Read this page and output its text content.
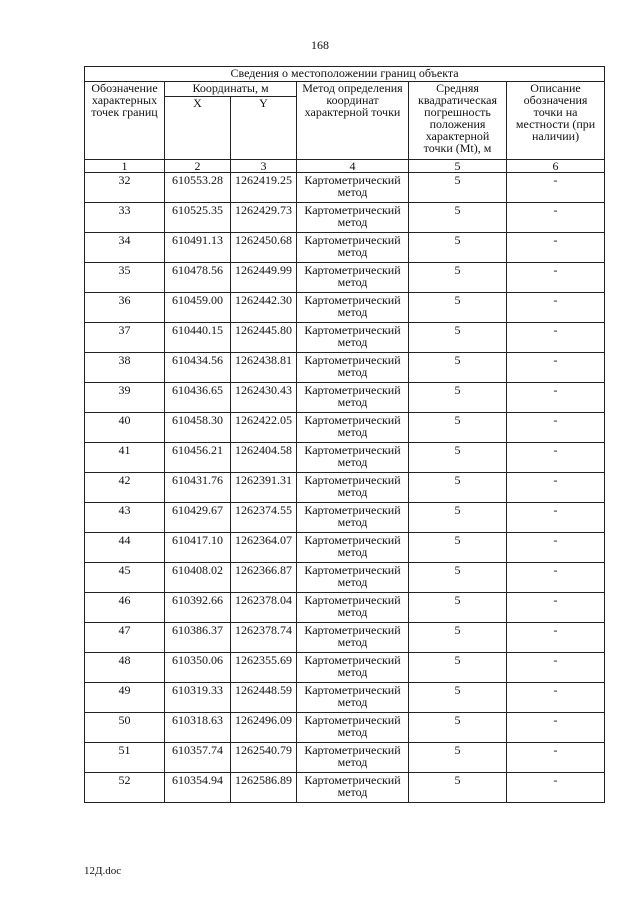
168
Сведения о местоположении границ объекта					
Обозначение характерных точек границ	Координаты, м		Метод определения координат характерной точки	Средняя квадратическая погрешность положения характерной точки (Mt), м	Описание обозначения точки на местности (при наличии)
	X	Y			
1	2	3	4	5	6
32	610553.28	1262419.25	Картометрический метод	5	-
33	610525.35	1262429.73	Картометрический метод	5	-
34	610491.13	1262450.68	Картометрический метод	5	-
35	610478.56	1262449.99	Картометрический метод	5	-
36	610459.00	1262442.30	Картометрический метод	5	-
37	610440.15	1262445.80	Картометрический метод	5	-
38	610434.56	1262438.81	Картометрический метод	5	-
39	610436.65	1262430.43	Картометрический метод	5	-
40	610458.30	1262422.05	Картометрический метод	5	-
41	610456.21	1262404.58	Картометрический метод	5	-
42	610431.76	1262391.31	Картометрический метод	5	-
43	610429.67	1262374.55	Картометрический метод	5	-
44	610417.10	1262364.07	Картометрический метод	5	-
45	610408.02	1262366.87	Картометрический метод	5	-
46	610392.66	1262378.04	Картометрический метод	5	-
47	610386.37	1262378.74	Картометрический метод	5	-
48	610350.06	1262355.69	Картометрический метод	5	-
49	610319.33	1262448.59	Картометрический метод	5	-
50	610318.63	1262496.09	Картометрический метод	5	-
51	610357.74	1262540.79	Картометрический метод	5	-
52	610354.94	1262586.89	Картометрический метод	5	-
12Д.doc
